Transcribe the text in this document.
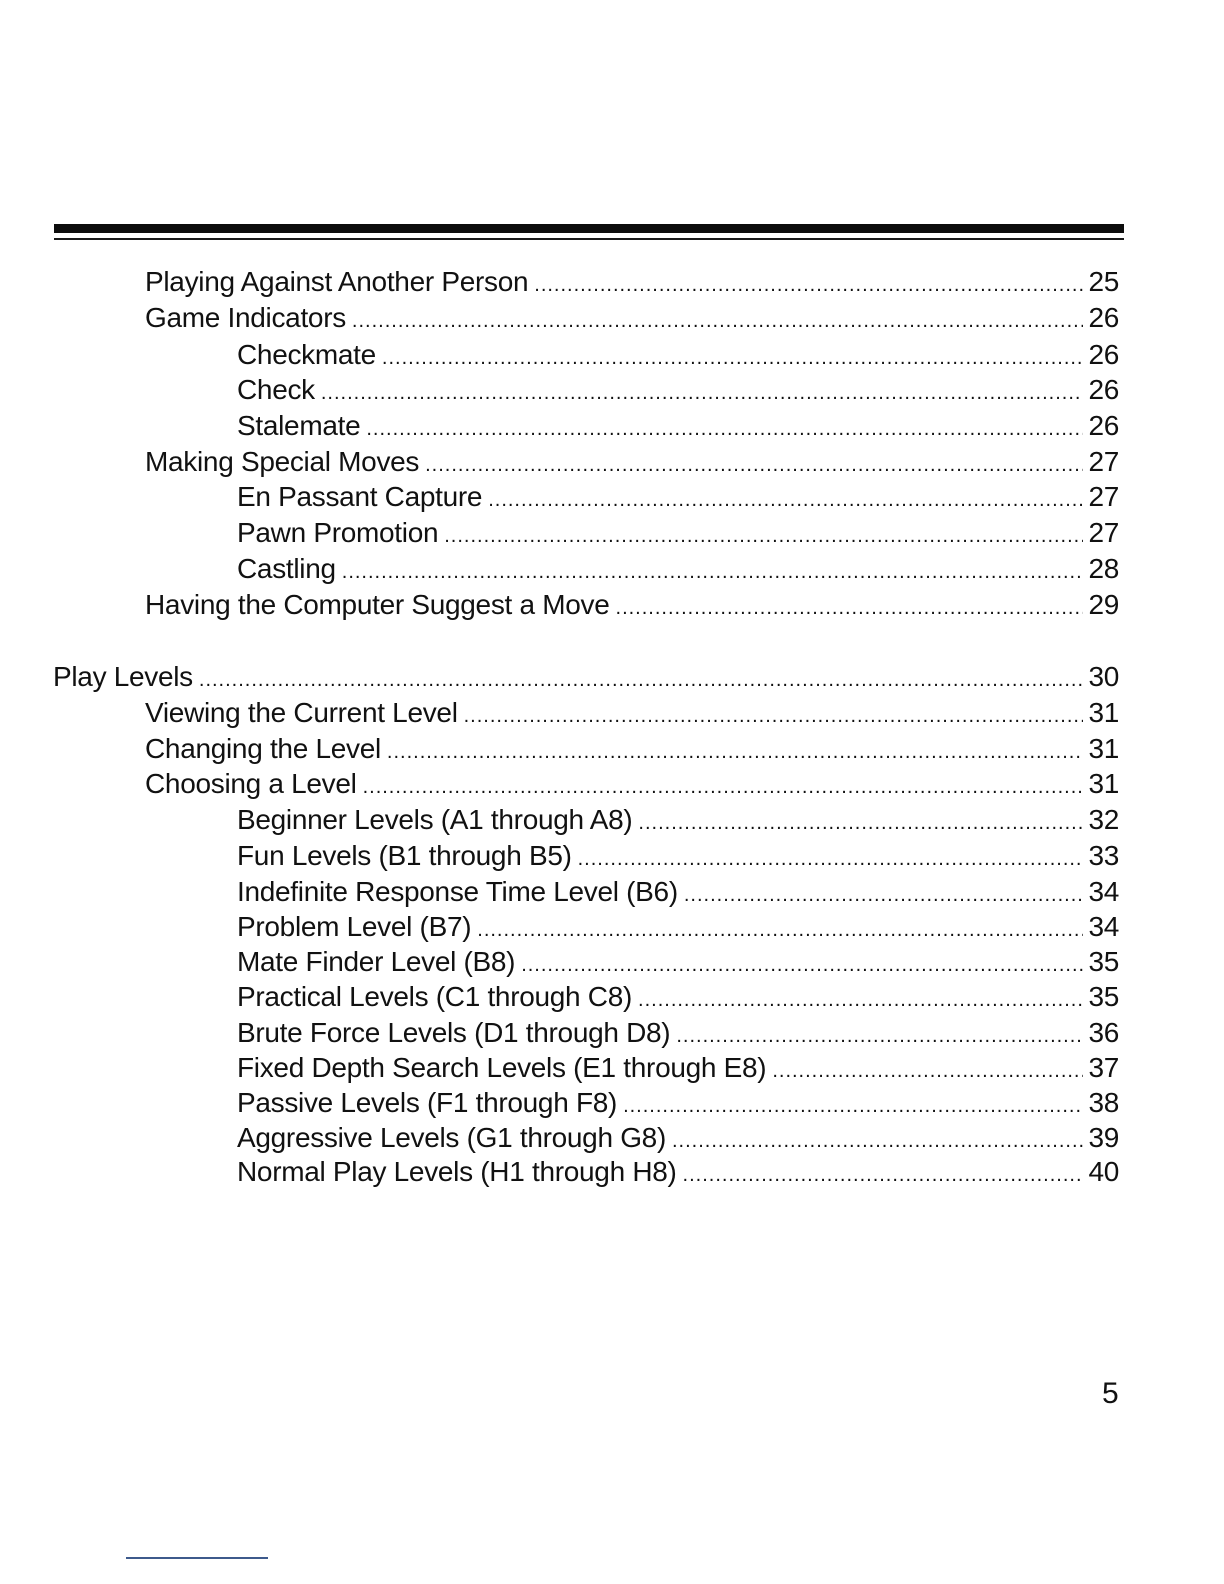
Playing Against Another Person .....	25
Game Indicators .....	26
Checkmate .....	26
Check .....	26
Stalemate .....	26
Making Special Moves .....	27
En Passant Capture .....	27
Pawn Promotion .....	27
Castling .....	28
Having the Computer Suggest a Move .....	29
Play Levels .....	30
Viewing the Current Level .....	31
Changing the Level .....	31
Choosing a Level .....	31
Beginner Levels (A1 through A8) .....	32
Fun Levels (B1 through B5) .....	33
Indefinite Response Time Level (B6) .....	34
Problem Level (B7) .....	34
Mate Finder Level (B8) .....	35
Practical Levels (C1 through C8) .....	35
Brute Force Levels (D1 through D8) .....	36
Fixed Depth Search Levels (E1 through E8) .....	37
Passive Levels (F1 through F8) .....	38
Aggressive Levels (G1 through G8) .....	39
Normal Play Levels (H1 through H8) .....	40
5
